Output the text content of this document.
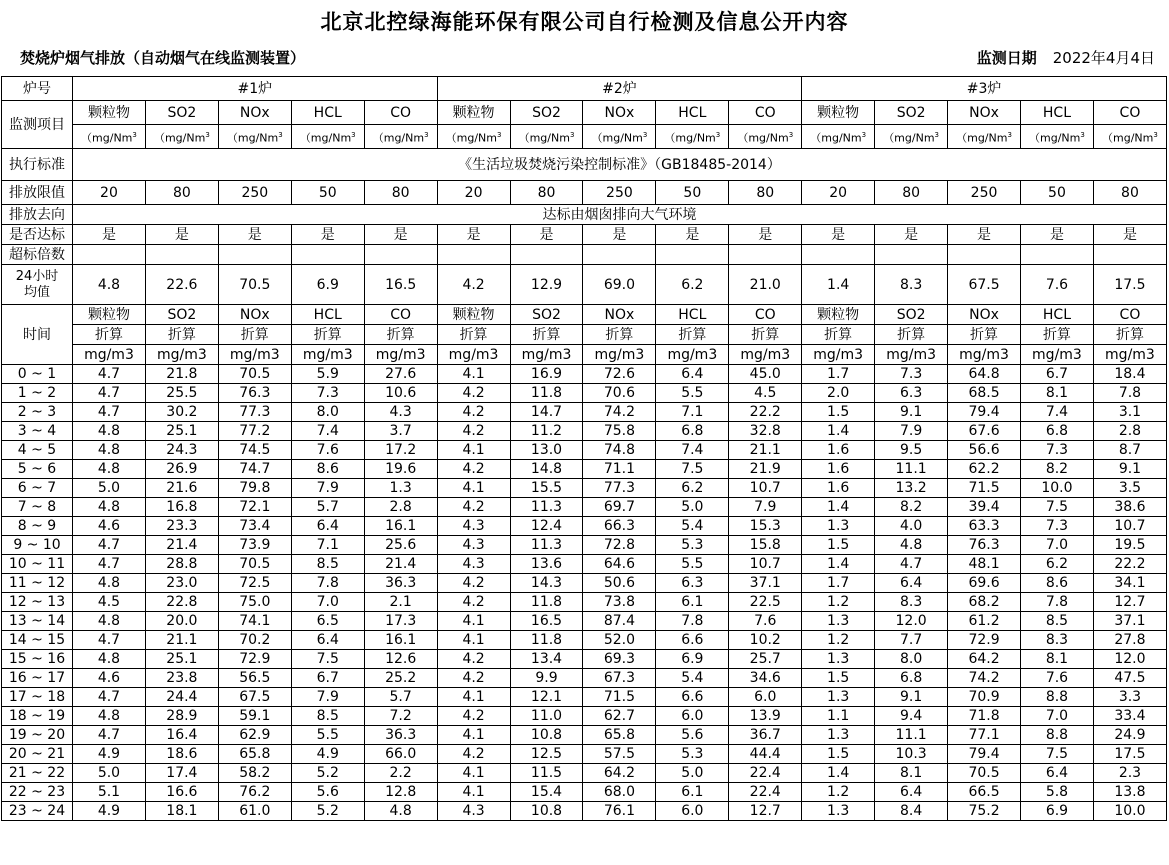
北京北控绿海能环保有限公司自行检测及信息公开内容
焚烧炉烟气排放（自动烟气在线监测装置）	监测日期 2022年4月4日
炉号	#1炉					#2炉					#3炉				
监测项目	颗粒物	SO2	NOx	HCL	CO	颗粒物	SO2	NOx	HCL	CO	颗粒物	SO2	NOx	HCL	CO
	（mg/Nm$^3$	（mg/Nm$^3$	（mg/Nm$^3$	（mg/Nm$^3$	（mg/Nm$^3$	（mg/Nm$^3$	（mg/Nm$^3$	（mg/Nm$^3$	（mg/Nm$^3$	（mg/Nm$^3$	（mg/Nm$^3$	（mg/Nm$^3$	（mg/Nm$^3$	（mg/Nm$^3$	（mg/Nm$^3$
执行标准	《生活垃圾焚烧污染控制标准》（GB18485-2014）														
排放限值	20	80	250	50	80	20	80	250	50	80	20	80	250	50	80
排放去向	达标由烟囱排向大气环境														
是否达标	是	是	是	是	是	是	是	是	是	是	是	是	是	是	是
超标倍数															
24小时
均值	4.8	22.6	70.5	6.9	16.5	4.2	12.9	69.0	6.2	21.0	1.4	8.3	67.5	7.6	17.5
时间	颗粒物	SO2	NOx	HCL	CO	颗粒物	SO2	NOx	HCL	CO	颗粒物	SO2	NOx	HCL	CO
	折算	折算	折算	折算	折算	折算	折算	折算	折算	折算	折算	折算	折算	折算	折算
	mg/m3	mg/m3	mg/m3	mg/m3	mg/m3	mg/m3	mg/m3	mg/m3	mg/m3	mg/m3	mg/m3	mg/m3	mg/m3	mg/m3	mg/m3
0 ~ 1	4.7	21.8	70.5	5.9	27.6	4.1	16.9	72.6	6.4	45.0	1.7	7.3	64.8	6.7	18.4
1 ~ 2	4.7	25.5	76.3	7.3	10.6	4.2	11.8	70.6	5.5	4.5	2.0	6.3	68.5	8.1	7.8
2 ~ 3	4.7	30.2	77.3	8.0	4.3	4.2	14.7	74.2	7.1	22.2	1.5	9.1	79.4	7.4	3.1
3 ~ 4	4.8	25.1	77.2	7.4	3.7	4.2	11.2	75.8	6.8	32.8	1.4	7.9	67.6	6.8	2.8
4 ~ 5	4.8	24.3	74.5	7.6	17.2	4.1	13.0	74.8	7.4	21.1	1.6	9.5	56.6	7.3	8.7
5 ~ 6	4.8	26.9	74.7	8.6	19.6	4.2	14.8	71.1	7.5	21.9	1.6	11.1	62.2	8.2	9.1
6 ~ 7	5.0	21.6	79.8	7.9	1.3	4.1	15.5	77.3	6.2	10.7	1.6	13.2	71.5	10.0	3.5
7 ~ 8	4.8	16.8	72.1	5.7	2.8	4.2	11.3	69.7	5.0	7.9	1.4	8.2	39.4	7.5	38.6
8 ~ 9	4.6	23.3	73.4	6.4	16.1	4.3	12.4	66.3	5.4	15.3	1.3	4.0	63.3	7.3	10.7
9 ~ 10	4.7	21.4	73.9	7.1	25.6	4.3	11.3	72.8	5.3	15.8	1.5	4.8	76.3	7.0	19.5
10 ~ 11	4.7	28.8	70.5	8.5	21.4	4.3	13.6	64.6	5.5	10.7	1.4	4.7	48.1	6.2	22.2
11 ~ 12	4.8	23.0	72.5	7.8	36.3	4.2	14.3	50.6	6.3	37.1	1.7	6.4	69.6	8.6	34.1
12 ~ 13	4.5	22.8	75.0	7.0	2.1	4.2	11.8	73.8	6.1	22.5	1.2	8.3	68.2	7.8	12.7
13 ~ 14	4.8	20.0	74.1	6.5	17.3	4.1	16.5	87.4	7.8	7.6	1.3	12.0	61.2	8.5	37.1
14 ~ 15	4.7	21.1	70.2	6.4	16.1	4.1	11.8	52.0	6.6	10.2	1.2	7.7	72.9	8.3	27.8
15 ~ 16	4.8	25.1	72.9	7.5	12.6	4.2	13.4	69.3	6.9	25.7	1.3	8.0	64.2	8.1	12.0
16 ~ 17	4.6	23.8	56.5	6.7	25.2	4.2	9.9	67.3	5.4	34.6	1.5	6.8	74.2	7.6	47.5
17 ~ 18	4.7	24.4	67.5	7.9	5.7	4.1	12.1	71.5	6.6	6.0	1.3	9.1	70.9	8.8	3.3
18 ~ 19	4.8	28.9	59.1	8.5	7.2	4.2	11.0	62.7	6.0	13.9	1.1	9.4	71.8	7.0	33.4
19 ~ 20	4.7	16.4	62.9	5.5	36.3	4.1	10.8	65.8	5.6	36.7	1.3	11.1	77.1	8.8	24.9
20 ~ 21	4.9	18.6	65.8	4.9	66.0	4.2	12.5	57.5	5.3	44.4	1.5	10.3	79.4	7.5	17.5
21 ~ 22	5.0	17.4	58.2	5.2	2.2	4.1	11.5	64.2	5.0	22.4	1.4	8.1	70.5	6.4	2.3
22 ~ 23	5.1	16.6	76.2	5.6	12.8	4.1	15.4	68.0	6.1	22.4	1.2	6.4	66.5	5.8	13.8
23 ~ 24	4.9	18.1	61.0	5.2	4.8	4.3	10.8	76.1	6.0	12.7	1.3	8.4	75.2	6.9	10.0
